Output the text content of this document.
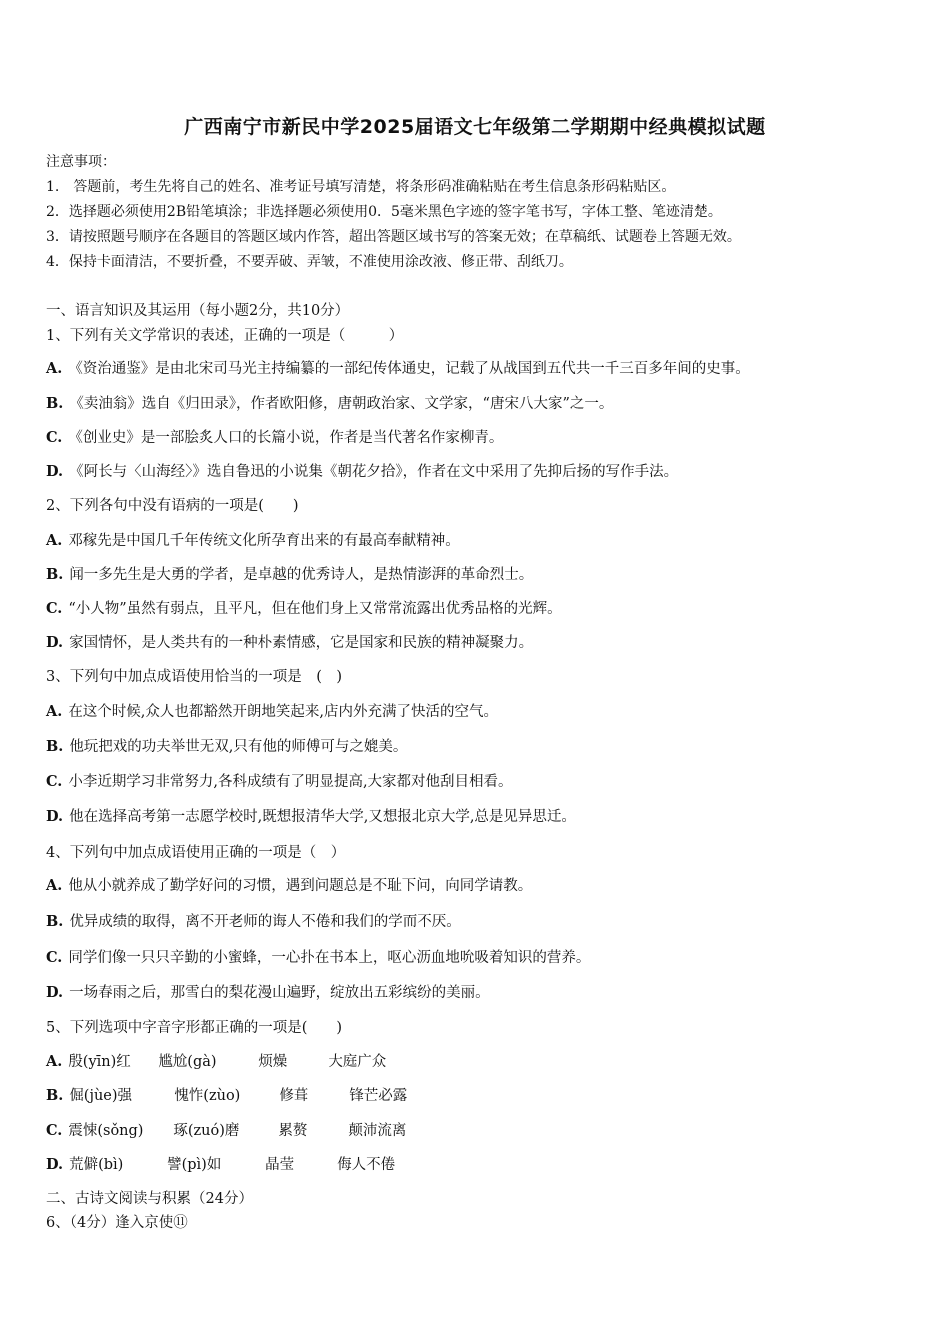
广西南宁市新民中学2025届语文七年级第二学期期中经典模拟试题
注意事项：
1.　答题前，考生先将自己的姓名、准考证号填写清楚，将条形码准确粘贴在考生信息条形码粘贴区。
2．选择题必须使用2B铅笔填涂；非选择题必须使用0．5毫米黑色字迹的签字笔书写，字体工整、笔迹清楚。
3．请按照题号顺序在各题目的答题区域内作答，超出答题区域书写的答案无效；在草稿纸、试题卷上答题无效。
4．保持卡面清洁，不要折叠，不要弄破、弄皱，不准使用涂改液、修正带、刮纸刀。
一、语言知识及其运用（每小题2分，共10分）
1、下列有关文学常识的表述，正确的一项是（　　　）
A. 《资治通鉴》是由北宋司马光主持编纂的一部纪传体通史，记载了从战国到五代共一千三百多年间的史事。
B. 《卖油翁》选自《归田录》，作者欧阳修，唐朝政治家、文学家，“唐宋八大家”之一。
C. 《创业史》是一部脍炙人口的长篇小说，作者是当代著名作家柳青。
D. 《阿长与〈山海经〉》选自鲁迅的小说集《朝花夕拾》，作者在文中采用了先抑后扬的写作手法。
2、下列各句中没有语病的一项是(　　)
A. 邓稼先是中国几千年传统文化所孕育出来的有最高奉献精神。
B. 闻一多先生是大勇的学者，是卓越的优秀诗人，是热情澎湃的革命烈士。
C. “小人物”虽然有弱点，且平凡，但在他们身上又常常流露出优秀品格的光辉。
D. 家国情怀，是人类共有的一种朴素情感，它是国家和民族的精神凝聚力。
3、下列句中加点成语使用恰当的一项是　(　)
A. 在这个时候,众人也都豁然开朗地笑起来,店内外充满了快活的空气。
B. 他玩把戏的功夫举世无双,只有他的师傅可与之媲美。
C. 小李近期学习非常努力,各科成绩有了明显提高,大家都对他刮目相看。
D. 他在选择高考第一志愿学校时,既想报清华大学,又想报北京大学,总是见异思迁。
4、下列句中加点成语使用正确的一项是（　）
A. 他从小就养成了勤学好问的习惯，遇到问题总是不耻下问，向同学请教。
B. 优异成绩的取得，离不开老师的诲人不倦和我们的学而不厌。
C. 同学们像一只只辛勤的小蜜蜂，一心扑在书本上，呕心沥血地吮吸着知识的营养。
D. 一场春雨之后，那雪白的梨花漫山遍野，绽放出五彩缤纷的美丽。
5、下列选项中字音字形都正确的一项是(　　)
A. 殷(yīn)红 尴尬(gà)	烦燥	大庭广众
B. 倔(jùe)强	愧怍(zùo)	修葺	锋芒必露
C. 震悚(sǒng) 琢(zuó)磨	累赘	颠沛流离
D. 荒僻(bì)	譬(pì)如	晶莹	侮人不倦
二、古诗文阅读与积累（24分）
6、（4分）逢入京使⑪
